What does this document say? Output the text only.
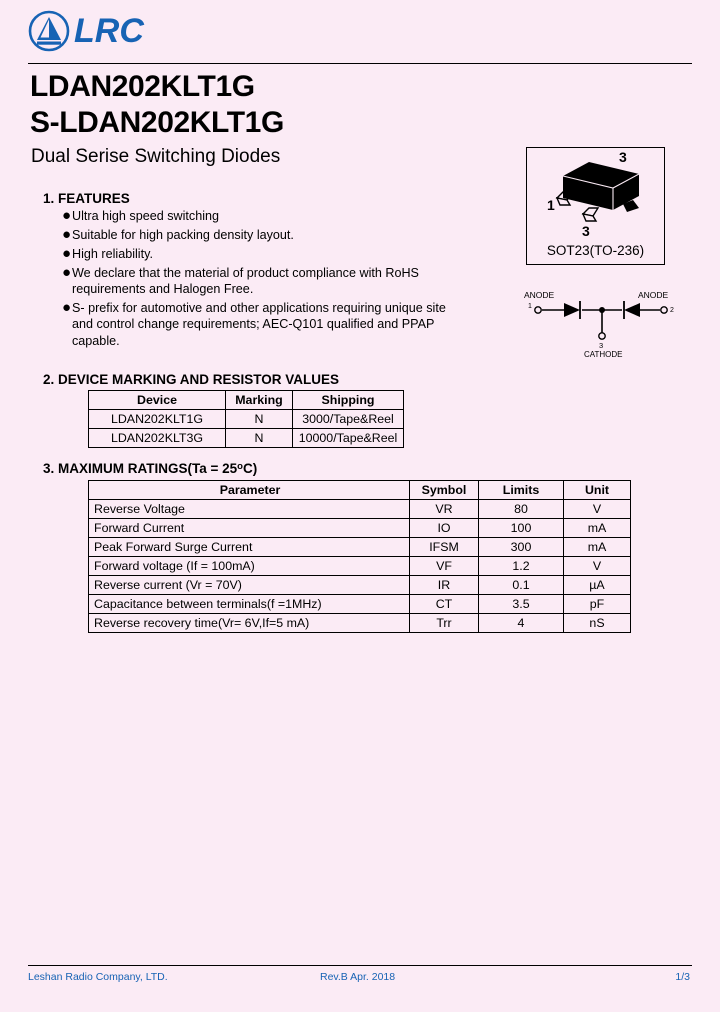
LRC
LDAN202KLT1G
S-LDAN202KLT1G
Dual Serise Switching Diodes
1. FEATURES
● Ultra high speed switching
● Suitable for high packing density layout.
● High reliability.
● We declare that the material of product compliance with RoHS requirements and Halogen Free.
● S- prefix for automotive and other applications requiring unique site and control change requirements; AEC-Q101 qualified and PPAP capable.
1
3
3
SOT23(TO-236)
ANODE
1
ANODE
2
3
CATHODE
2. DEVICE MARKING AND RESISTOR VALUES
Device	Marking	Shipping
LDAN202KLT1G	N	3000/Tape&Reel
LDAN202KLT3G	N	10000/Tape&Reel
3. MAXIMUM RATINGS(Ta = $25^oC$)
Parameter	Symbol	Limits	Unit
Reverse Voltage	VR	80	V
Forward Current	IO	100	mA
Peak Forward Surge Current	IFSM	300	mA
Forward voltage (If = 100mA)	VF	1.2	V
Reverse current (Vr = 70V)	IR	0.1	µA
Capacitance between terminals(f =1MHz)	CT	3.5	pF
Reverse recovery time(Vr= 6V,If=5 mA)	Trr	4	nS
Leshan Radio Company, LTD.	Rev.B Apr. 2018	1/3
